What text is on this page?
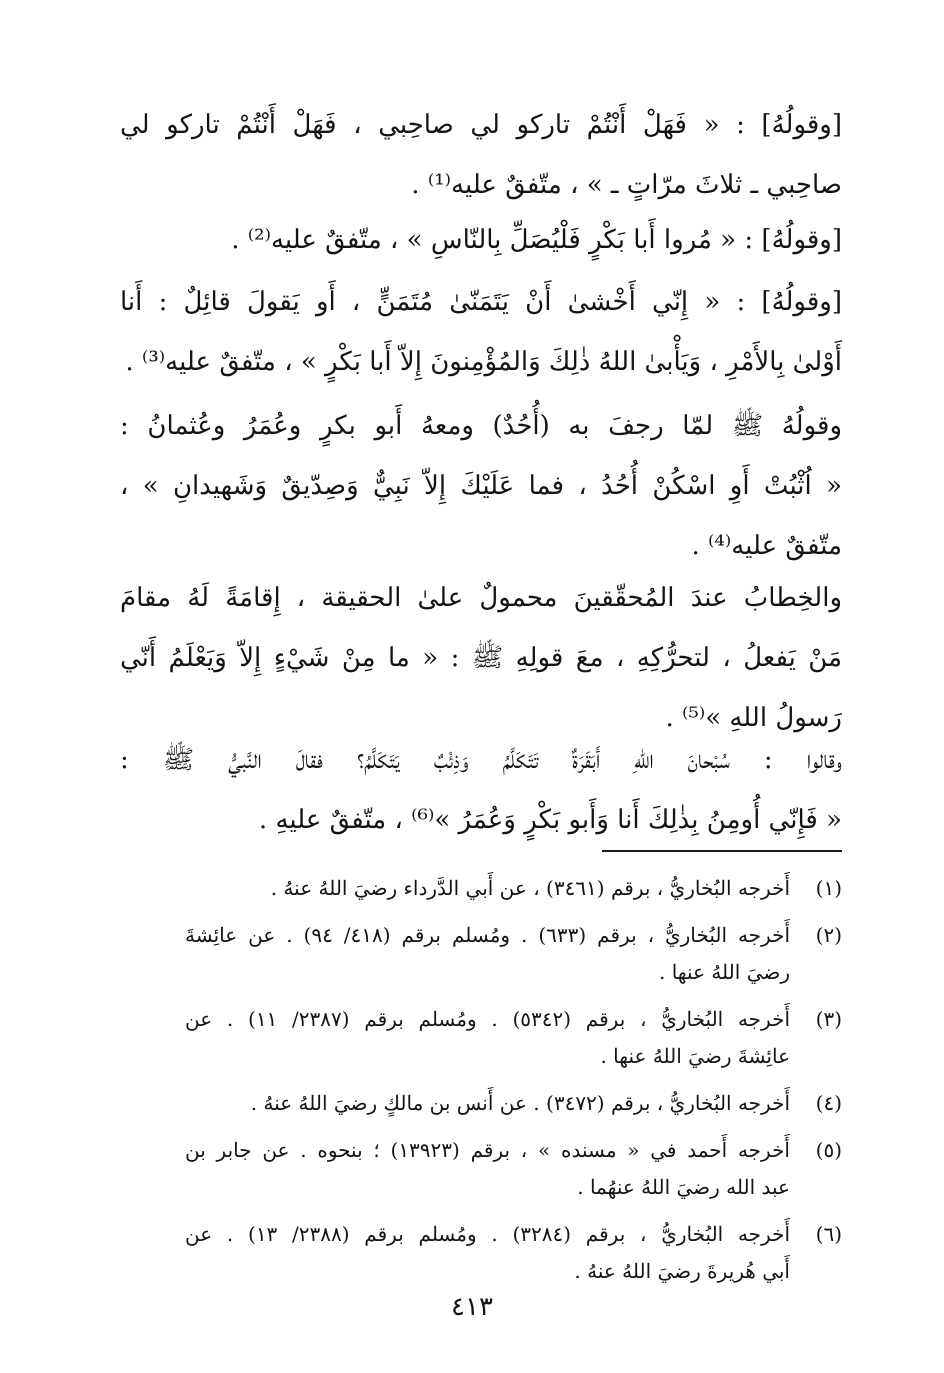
[وقولُهُ] : « فَهَلْ أَنْتُمْ تاركو لي صاحِبي ، فَهَلْ أَنْتُمْ تاركو لي
صاحِبي ـ ثلاثَ مرّاتٍ ـ » ، متّفقٌ عليه⁽¹⁾ .
[وقولُهُ] : « مُروا أَبا بَكْرٍ فَلْيُصَلِّ بِالنّاسِ » ، متّفقٌ عليه⁽²⁾ .
[وقولُهُ] : « إِنّي أَخْشىٰ أَنْ يَتَمَنّىٰ مُتَمَنٍّ ، أَو يَقولَ قائِلٌ : أَنا
أَوْلىٰ بِالأَمْرِ ، وَيَأْبىٰ اللهُ ذٰلِكَ وَالمُؤْمِنونَ إِلاّ أَبا بَكْرٍ » ، متّفقٌ عليه⁽³⁾ .
وقولُهُ ﷺ لمّا رجفَ به (أُحُدٌ) ومعهُ أَبو بكرٍ وعُمَرُ وعُثمانُ :
« اُثْبُتْ أَوِ اسْكُنْ أُحُدُ ، فما عَلَيْكَ إِلاّ نَبِيٌّ وَصِدّيقٌ وَشَهيدانِ » ،
متّفقٌ عليه⁽⁴⁾ .
والخِطابُ عندَ المُحقّقينَ محمولٌ علىٰ الحقيقة ، إِقامَةً لَهُ مقامَ
مَنْ يَفعلُ ، لتحرُّكِهِ ، معَ قولِهِ ﷺ : « ما مِنْ شَيْءٍ إِلاّ وَيَعْلَمُ أَنّي
رَسولُ اللهِ »⁽⁵⁾ .
وقالوا : سُبْحانَ اللهِ أَبَقَرَةٌ تَتَكَلَّمُ وَذِئْبٌ يَتَكَلَّمُ؟ فقالَ النَّبيُّ ﷺ :
« فَإِنّي أُومِنُ بِذٰلِكَ أَنا وَأَبو بَكْرٍ وَعُمَرُ »⁽⁶⁾ ، متّفقٌ عليهِ .
(١)
أَخرجه البُخاريُّ ، برقم (٣٤٦١) ، عن أَبي الدَّرداء رضيَ اللهُ عنهُ .
(٢)
أَخرجه البُخاريُّ ، برقم (٦٣٣) . ومُسلم برقم (٤١٨/ ٩٤) . عن عائِشةَ
رضيَ اللهُ عنها .
(٣)
أَخرجه البُخاريُّ ، برقم (٥٣٤٢) . ومُسلم برقم (٢٣٨٧/ ١١) . عن
عائِشةَ رضيَ اللهُ عنها .
(٤)
أَخرجه البُخاريُّ ، برقم (٣٤٧٢) . عن أَنس بن مالكٍ رضيَ اللهُ عنهُ .
(٥)
أَخرجه أَحمد في « مسنده » ، برقم (١٣٩٢٣) ؛ بنحوه . عن جابر بن
عبد الله رضيَ اللهُ عنهُما .
(٦)
أَخرجه البُخاريُّ ، برقم (٣٢٨٤) . ومُسلم برقم (٢٣٨٨/ ١٣) . عن
أَبي هُريرةَ رضيَ اللهُ عنهُ .
٤١٣
